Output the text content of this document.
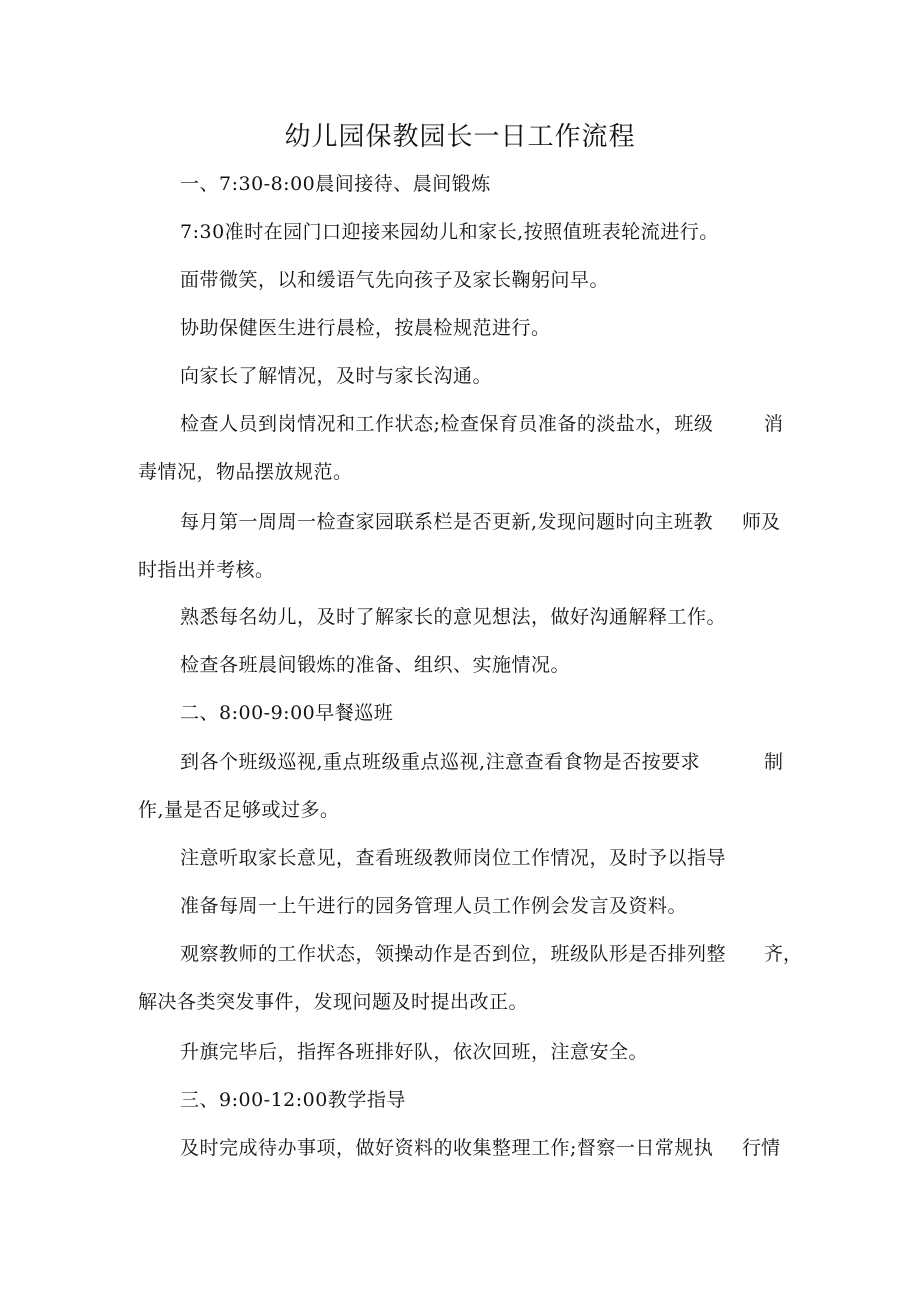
幼儿园保教园长一日工作流程
一、7:30-8:00晨间接待、晨间锻炼
7:30准时在园门口迎接来园幼儿和家长,按照值班表轮流进行。
面带微笑，以和缓语气先向孩子及家长鞠躬问早。
协助保健医生进行晨检，按晨检规范进行。
向家长了解情况，及时与家长沟通。
检查人员到岗情况和工作状态;检查保育员准备的淡盐水，班级	消
毒情况，物品摆放规范。
每月第一周周一检查家园联系栏是否更新,发现问题时向主班教 师及
时指出并考核。
熟悉每名幼儿，及时了解家长的意见想法，做好沟通解释工作。
检查各班晨间锻炼的准备、组织、实施情况。
二、8:00-9:00早餐巡班
到各个班级巡视,重点班级重点巡视,注意查看食物是否按要求	制
作,量是否足够或过多。
注意听取家长意见，查看班级教师岗位工作情况，及时予以指导
准备每周一上午进行的园务管理人员工作例会发言及资料。
观察教师的工作状态，领操动作是否到位，班级队形是否排列整 齐，
解决各类突发事件，发现问题及时提出改正。
升旗完毕后，指挥各班排好队，依次回班，注意安全。
三、9:00-12:00教学指导
及时完成待办事项，做好资料的收集整理工作;督察一日常规执 行情
